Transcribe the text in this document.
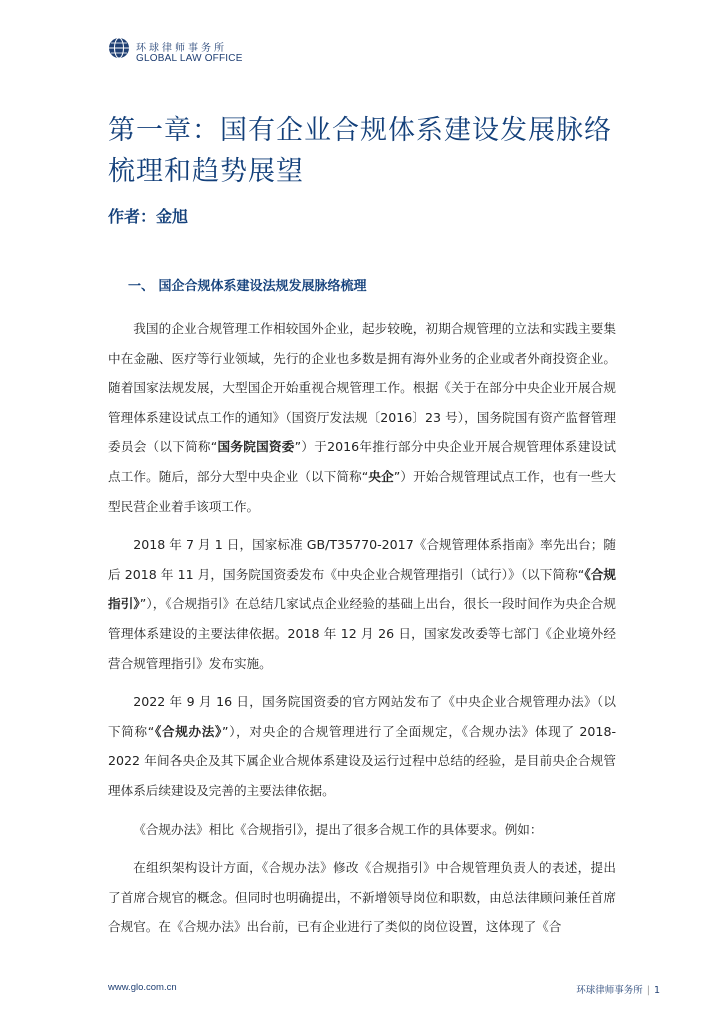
环球律师事务所
GLOBAL LAW OFFICE
第一章：国有企业合规体系建设发展脉络梳理和趋势展望
作者：金旭
一、 国企合规体系建设法规发展脉络梳理

我国的企业合规管理工作相较国外企业，起步较晚，初期合规管理的立法和实践主要集中在金融、医疗等行业领域，先行的企业也多数是拥有海外业务的企业或者外商投资企业。随着国家法规发展，大型国企开始重视合规管理工作。根据《关于在部分中央企业开展合规管理体系建设试点工作的通知》（国资厅发法规〔2016〕23 号），国务院国有资产监督管理委员会（以下简称“国务院国资委”）于2016年推行部分中央企业开展合规管理体系建设试点工作。随后，部分大型中央企业（以下简称“央企”）开始合规管理试点工作，也有一些大型民营企业着手该项工作。

2018 年 7 月 1 日，国家标准 GB/T35770-2017《合规管理体系指南》率先出台；随后 2018 年 11 月，国务院国资委发布《中央企业合规管理指引（试行）》（以下简称“《合规指引》”），《合规指引》在总结几家试点企业经验的基础上出台，很长一段时间作为央企合规管理体系建设的主要法律依据。2018 年 12 月 26 日，国家发改委等七部门《企业境外经营合规管理指引》发布实施。

2022 年 9 月 16 日，国务院国资委的官方网站发布了《中央企业合规管理办法》（以下简称“《合规办法》”），对央企的合规管理进行了全面规定，《合规办法》体现了 2018-2022 年间各央企及其下属企业合规体系建设及运行过程中总结的经验，是目前央企合规管理体系后续建设及完善的主要法律依据。

《合规办法》相比《合规指引》，提出了很多合规工作的具体要求。例如：

在组织架构设计方面，《合规办法》修改《合规指引》中合规管理负责人的表述，提出了首席合规官的概念。但同时也明确提出，不新增领导岗位和职数，由总法律顾问兼任首席合规官。在《合规办法》出台前，已有企业进行了类似的岗位设置，这体现了《合

www.glo.com.cn	环球律师事务所 | 1
